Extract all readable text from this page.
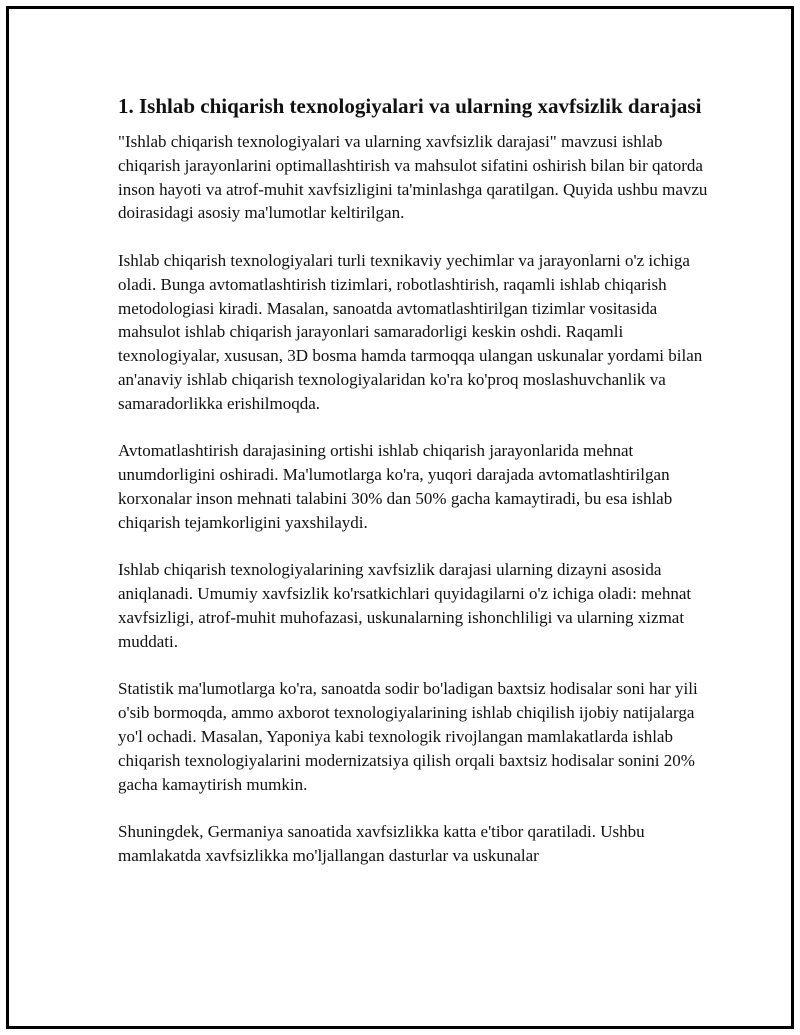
1. Ishlab chiqarish texnologiyalari va ularning xavfsizlik darajasi

"Ishlab chiqarish texnologiyalari va ularning xavfsizlik darajasi" mavzusi ishlab chiqarish jarayonlarini optimallashtirish va mahsulot sifatini oshirish bilan bir qatorda inson hayoti va atrof-muhit xavfsizligini ta'minlashga qaratilgan. Quyida ushbu mavzu doirasidagi asosiy ma'lumotlar keltirilgan.

Ishlab chiqarish texnologiyalari turli texnikaviy yechimlar va jarayonlarni o'z ichiga oladi. Bunga avtomatlashtirish tizimlari, robotlashtirish, raqamli ishlab chiqarish metodologiasi kiradi. Masalan, sanoatda avtomatlashtirilgan tizimlar vositasida mahsulot ishlab chiqarish jarayonlari samaradorligi keskin oshdi. Raqamli texnologiyalar, xususan, 3D bosma hamda tarmoqqa ulangan uskunalar yordami bilan an'anaviy ishlab chiqarish texnologiyalaridan ko'ra ko'proq moslashuvchanlik va samaradorlikka erishilmoqda.

Avtomatlashtirish darajasining ortishi ishlab chiqarish jarayonlarida mehnat unumdorligini oshiradi. Ma'lumotlarga ko'ra, yuqori darajada avtomatlashtirilgan korxonalar inson mehnati talabini 30% dan 50% gacha kamaytiradi, bu esa ishlab chiqarish tejamkorligini yaxshilaydi.

Ishlab chiqarish texnologiyalarining xavfsizlik darajasi ularning dizayni asosida aniqlanadi. Umumiy xavfsizlik ko'rsatkichlari quyidagilarni o'z ichiga oladi: mehnat xavfsizligi, atrof-muhit muhofazasi, uskunalarning ishonchliligi va ularning xizmat muddati.

Statistik ma'lumotlarga ko'ra, sanoatda sodir bo'ladigan baxtsiz hodisalar soni har yili o'sib bormoqda, ammo axborot texnologiyalarining ishlab chiqilish ijobiy natijalarga yo'l ochadi. Masalan, Yaponiya kabi texnologik rivojlangan mamlakatlarda ishlab chiqarish texnologiyalarini modernizatsiya qilish orqali baxtsiz hodisalar sonini 20% gacha kamaytirish mumkin.

Shuningdek, Germaniya sanoatida xavfsizlikka katta e'tibor qaratiladi. Ushbu mamlakatda xavfsizlikka mo'ljallangan dasturlar va uskunalar
